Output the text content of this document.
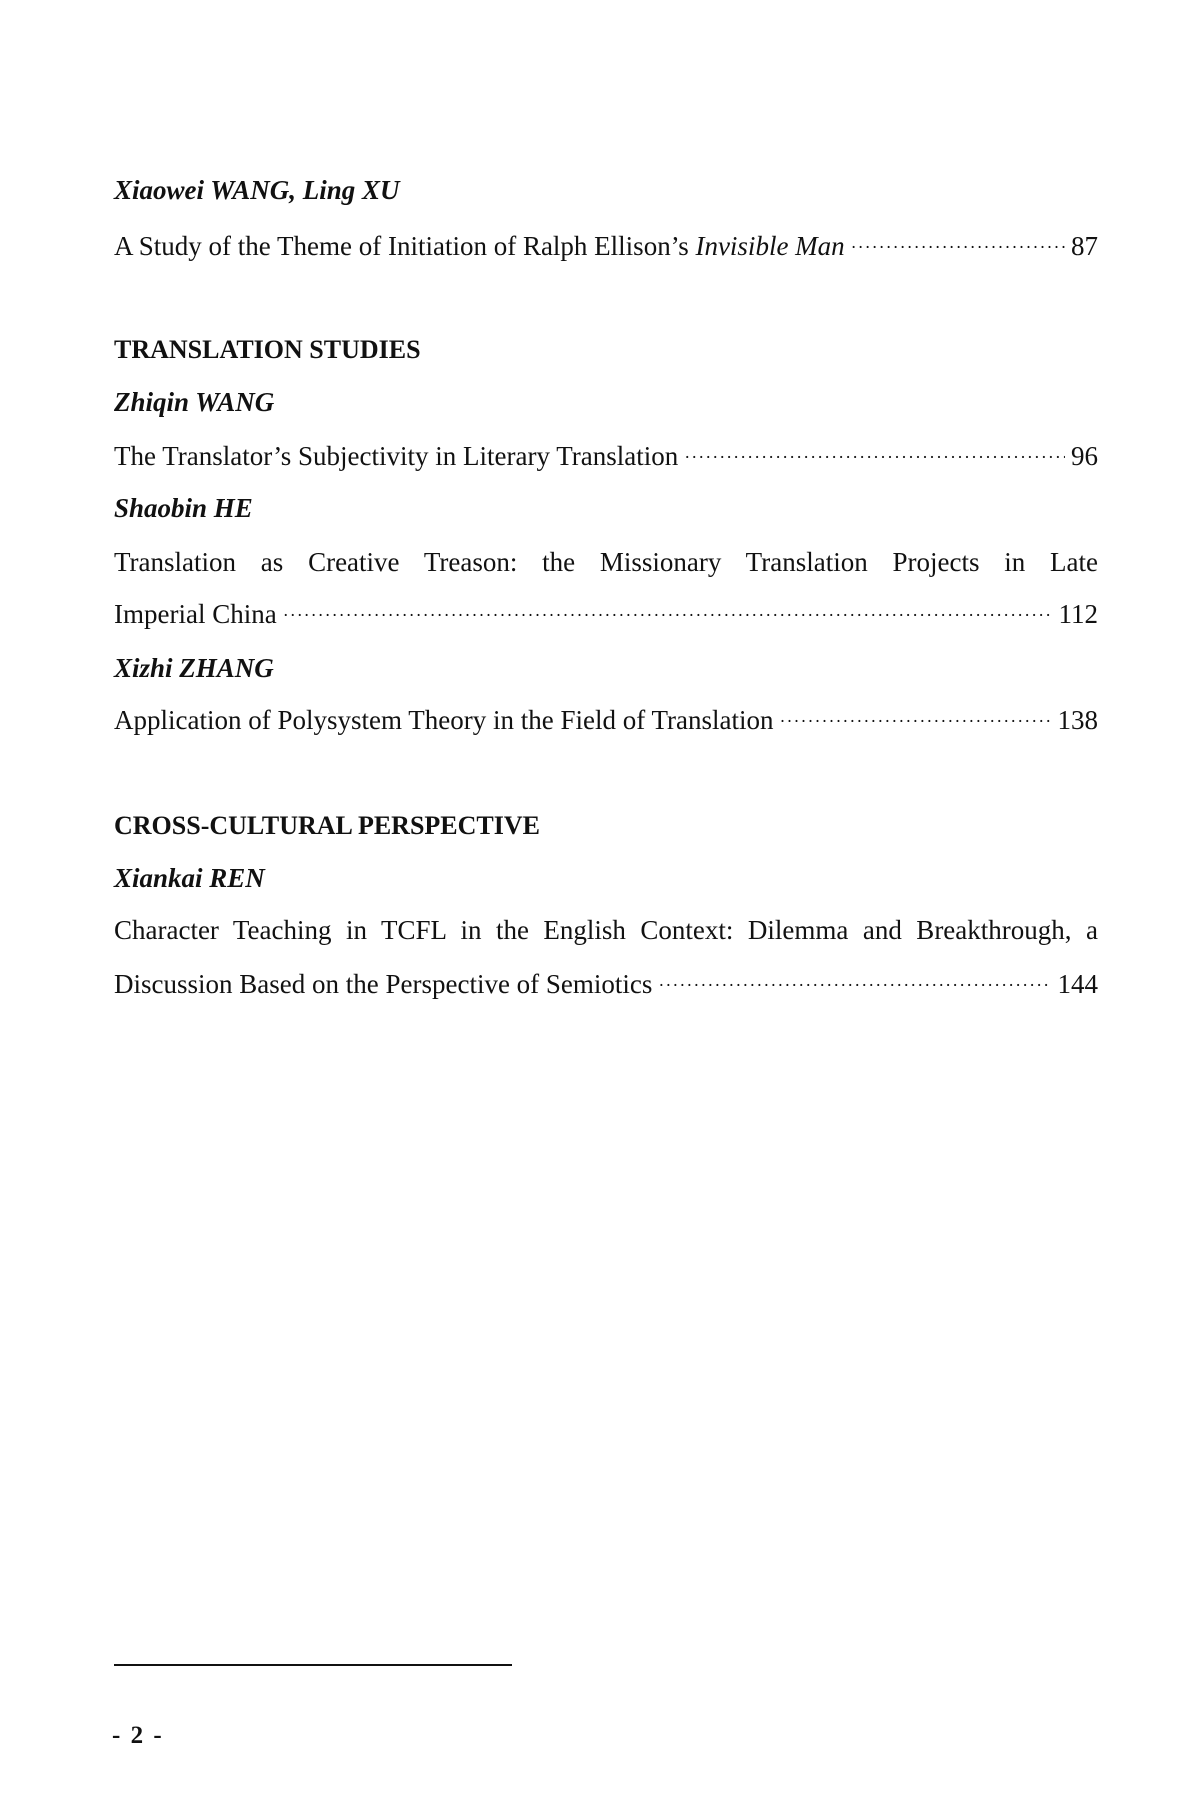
Xiaowei WANG, Ling XU
A Study of the Theme of Initiation of Ralph Ellison’s Invisible Man ·····	87
TRANSLATION STUDIES
Zhiqin WANG
The Translator’s Subjectivity in Literary Translation ·····	96
Shaobin HE
Translation as Creative Treason: the Missionary Translation Projects in Late
Imperial China ·····	112
Xizhi ZHANG
Application of Polysystem Theory in the Field of Translation ·····	138
CROSS-CULTURAL PERSPECTIVE
Xiankai REN
Character Teaching in TCFL in the English Context: Dilemma and Breakthrough, a
Discussion Based on the Perspective of Semiotics ·····	144
- 2 -
